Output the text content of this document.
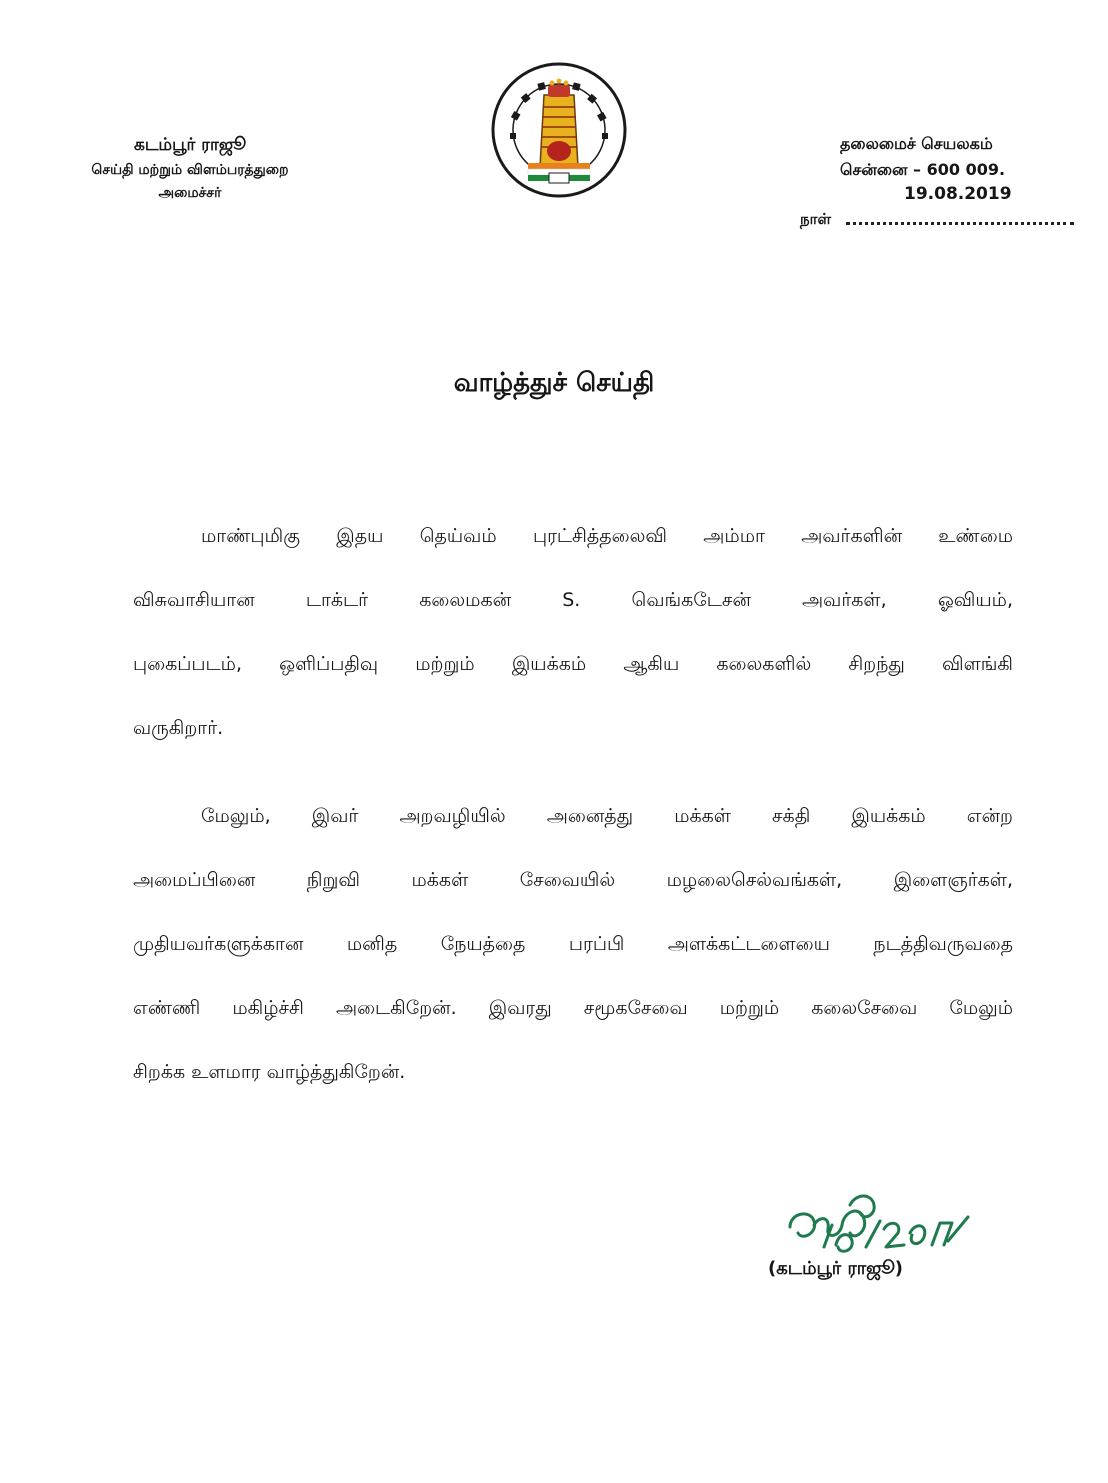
கடம்பூர் ராஜூ
செய்தி மற்றும் விளம்பரத்துறை
அமைச்சர்
தலைமைச் செயலகம்
சென்னை – 600 009.
19.08.2019
நாள்
வாழ்த்துச் செய்தி
மாண்புமிகு இதய தெய்வம் புரட்சித்தலைவி அம்மா அவர்களின் உண்மை
விசுவாசியான டாக்டர் கலைமகன் S. வெங்கடேசன் அவர்கள், ஓவியம்,
புகைப்படம், ஒளிப்பதிவு மற்றும் இயக்கம் ஆகிய கலைகளில் சிறந்து விளங்கி
வருகிறார்.
மேலும், இவர் அறவழியில் அனைத்து மக்கள் சக்தி இயக்கம் என்ற
அமைப்பினை நிறுவி மக்கள் சேவையில் மழலைசெல்வங்கள், இளைஞர்கள்,
முதியவர்களுக்கான மனித நேயத்தை பரப்பி அளக்கட்டளையை நடத்திவருவதை
எண்ணி மகிழ்ச்சி அடைகிறேன். இவரது சமூகசேவை மற்றும் கலைசேவை மேலும்
சிறக்க உளமார வாழ்த்துகிறேன்.
(கடம்பூர் ராஜூ)
